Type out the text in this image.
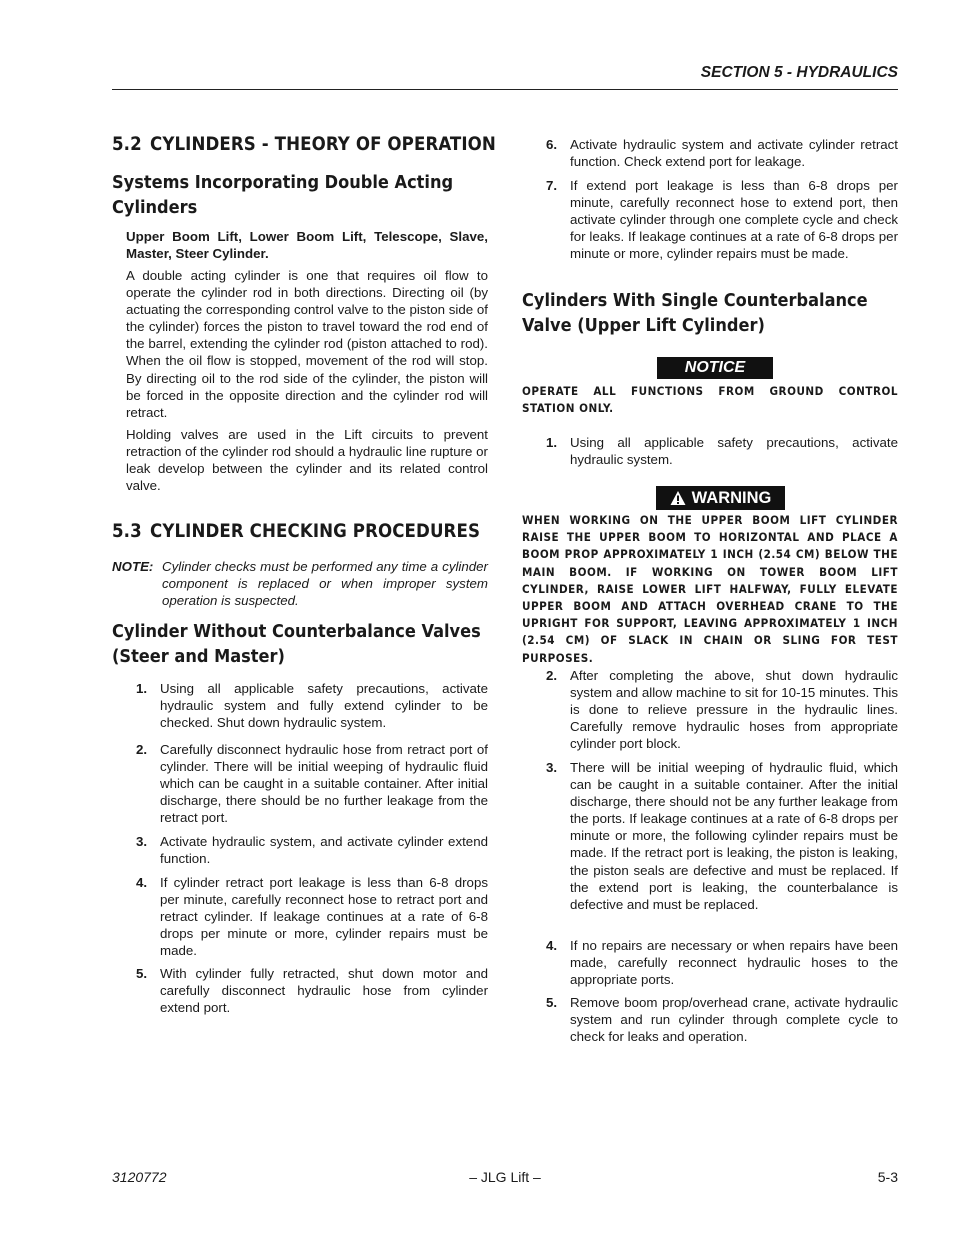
SECTION 5 - HYDRAULICS
5.2 CYLINDERS - THEORY OF OPERATION
Systems Incorporating Double Acting Cylinders

Upper Boom Lift, Lower Boom Lift, Telescope, Slave, Master, Steer Cylinder.

A double acting cylinder is one that requires oil flow to operate the cylinder rod in both directions. Directing oil (by actuating the corresponding control valve to the piston side of the cylinder) forces the piston to travel toward the rod end of the barrel, extending the cylinder rod (piston attached to rod). When the oil flow is stopped, movement of the rod will stop. By directing oil to the rod side of the cylinder, the piston will be forced in the opposite direction and the cylinder rod will retract.

Holding valves are used in the Lift circuits to prevent retraction of the cylinder rod should a hydraulic line rupture or leak develop between the cylinder and its related control valve.

5.3 CYLINDER CHECKING PROCEDURES
NOTE: Cylinder checks must be performed any time a cylinder component is replaced or when improper system operation is suspected.
Cylinder Without Counterbalance Valves (Steer and Master)
1. Using all applicable safety precautions, activate hydraulic system and fully extend cylinder to be checked. Shut down hydraulic system.
2. Carefully disconnect hydraulic hose from retract port of cylinder. There will be initial weeping of hydraulic fluid which can be caught in a suitable container. After initial discharge, there should be no further leakage from the retract port.
3. Activate hydraulic system, and activate cylinder extend function.
4. If cylinder retract port leakage is less than 6-8 drops per minute, carefully reconnect hose to retract port and retract cylinder. If leakage continues at a rate of 6-8 drops per minute or more, cylinder repairs must be made.
5. With cylinder fully retracted, shut down motor and carefully disconnect hydraulic hose from cylinder extend port.
6. Activate hydraulic system and activate cylinder retract function. Check extend port for leakage.
7. If extend port leakage is less than 6-8 drops per minute, carefully reconnect hose to extend port, then activate cylinder through one complete cycle and check for leaks. If leakage continues at a rate of 6-8 drops per minute or more, cylinder repairs must be made.
Cylinders With Single Counterbalance Valve (Upper Lift Cylinder)
NOTICE
OPERATE ALL FUNCTIONS FROM GROUND CONTROL STATION ONLY.
1. Using all applicable safety precautions, activate hydraulic system.
WARNING
WHEN WORKING ON THE UPPER BOOM LIFT CYLINDER RAISE THE UPPER BOOM TO HORIZONTAL AND PLACE A BOOM PROP APPROXIMATELY 1 INCH (2.54 CM) BELOW THE MAIN BOOM. IF WORKING ON TOWER BOOM LIFT CYLINDER, RAISE LOWER LIFT HALFWAY, FULLY ELEVATE UPPER BOOM AND ATTACH OVERHEAD CRANE TO THE UPRIGHT FOR SUPPORT, LEAVING APPROXIMATELY 1 INCH (2.54 CM) OF SLACK IN CHAIN OR SLING FOR TEST PURPOSES.
2. After completing the above, shut down hydraulic system and allow machine to sit for 10-15 minutes. This is done to relieve pressure in the hydraulic lines. Carefully remove hydraulic hoses from appropriate cylinder port block.
3. There will be initial weeping of hydraulic fluid, which can be caught in a suitable container. After the initial discharge, there should not be any further leakage from the ports. If leakage continues at a rate of 6-8 drops per minute or more, the following cylinder repairs must be made. If the retract port is leaking, the piston is leaking, the piston seals are defective and must be replaced. If the extend port is leaking, the counterbalance is defective and must be replaced.
4. If no repairs are necessary or when repairs have been made, carefully reconnect hydraulic hoses to the appropriate ports.
5. Remove boom prop/overhead crane, activate hydraulic system and run cylinder through complete cycle to check for leaks and operation.
3120772	– JLG Lift –	5-3
